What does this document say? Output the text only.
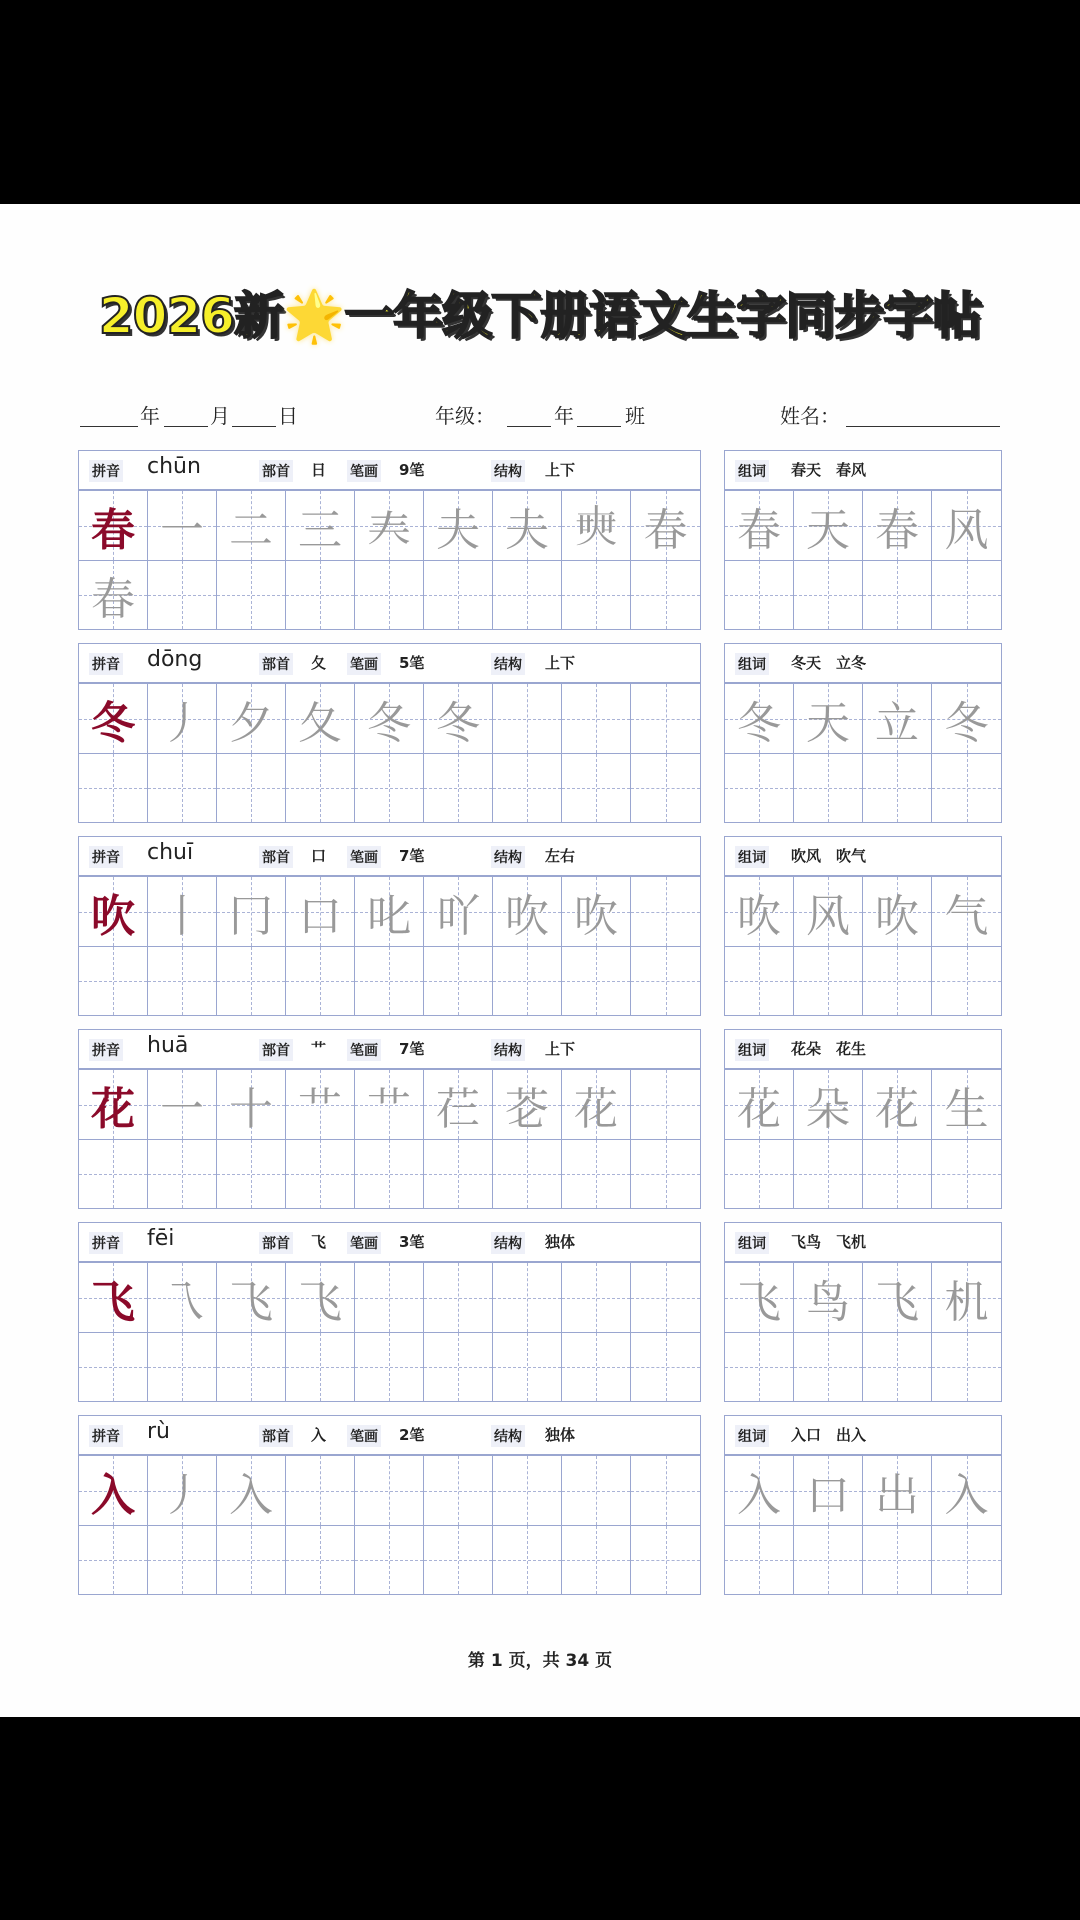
2026新🌟一年级下册语文生字同步字帖
年	月 日	年级：	年	班	姓名：
拼音 chūn	部首 日 笔画 9笔	结构 上下
春 一 二 三 𡗗 夫 夫 𡘲 春
春
组词 春天　春风
春 天 春 风
拼音 dōng	部首 夂 笔画 5笔	结构 上下
冬 丿 夕 夂 冬 冬
组词 冬天　立冬
冬 天 立 冬
拼音 chuī	部首 口 笔画 7笔	结构 左右
吹 丨 冂 口 叱 吖 吹 吹
组词 吹风　吹气
吹 风 吹 气
拼音 huā	部首 艹 笔画 7笔	结构 上下
花 一 十 艹 艹 芢 芲 花
组词 花朵　花生
花 朵 花 生
拼音 fēi	部首 飞 笔画 3笔	结构 独体
飞 乁 飞 飞
组词 飞鸟　飞机
飞 鸟 飞 机
拼音 rù	部首 入 笔画 2笔	结构 独体
入 丿 入
组词 入口　出入
入 口 出 入
第 1 页，共 34 页
